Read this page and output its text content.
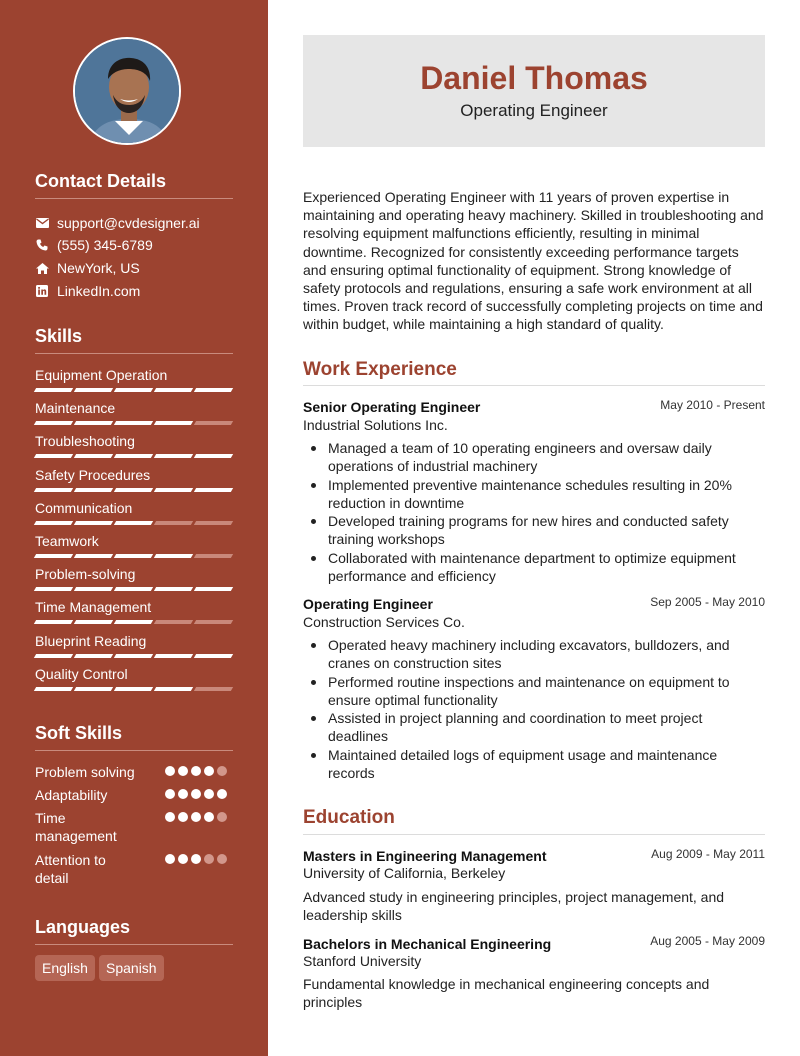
Contact Details
support@cvdesigner.ai
(555) 345-6789
NewYork, US
LinkedIn.com
Skills
Equipment Operation
Maintenance
Troubleshooting
Safety Procedures
Communication
Teamwork
Problem-solving
Time Management
Blueprint Reading
Quality Control
Soft Skills
Problem solving
Adaptability
Time management
Attention to detail
Languages
English	Spanish
Daniel Thomas
Operating Engineer
Experienced Operating Engineer with 11 years of proven expertise in maintaining and operating heavy machinery. Skilled in troubleshooting and resolving equipment malfunctions efficiently, resulting in minimal downtime. Recognized for consistently exceeding performance targets and ensuring optimal functionality of equipment. Strong knowledge of safety protocols and regulations, ensuring a safe work environment at all times. Proven track record of successfully completing projects on time and within budget, while maintaining a high standard of quality.
Work Experience
Senior Operating Engineer	May 2010 - Present
Industrial Solutions Inc.
Managed a team of 10 operating engineers and oversaw daily operations of industrial machinery
Implemented preventive maintenance schedules resulting in 20% reduction in downtime
Developed training programs for new hires and conducted safety training workshops
Collaborated with maintenance department to optimize equipment performance and efficiency
Operating Engineer	Sep 2005 - May 2010
Construction Services Co.
Operated heavy machinery including excavators, bulldozers, and cranes on construction sites
Performed routine inspections and maintenance on equipment to ensure optimal functionality
Assisted in project planning and coordination to meet project deadlines
Maintained detailed logs of equipment usage and maintenance records
Education
Masters in Engineering Management	Aug 2009 - May 2011
University of California, Berkeley
Advanced study in engineering principles, project management, and leadership skills
Bachelors in Mechanical Engineering	Aug 2005 - May 2009
Stanford University
Fundamental knowledge in mechanical engineering concepts and principles
